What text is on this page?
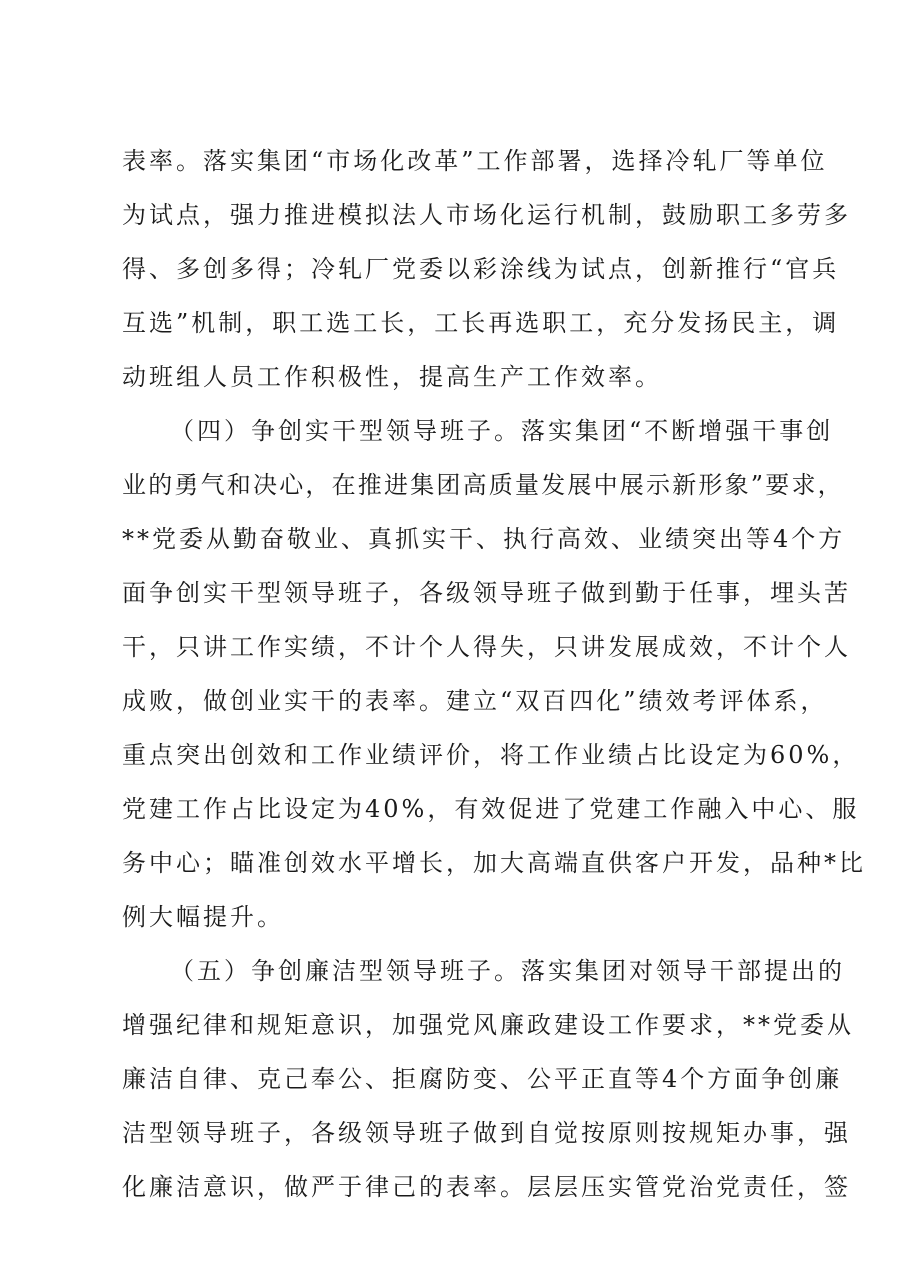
表率。落实集团“市场化改革”工作部署，选择冷轧厂等单位
为试点，强力推进模拟法人市场化运行机制，鼓励职工多劳多
得、多创多得；冷轧厂党委以彩涂线为试点，创新推行“官兵
互选”机制，职工选工长，工长再选职工，充分发扬民主，调
动班组人员工作积极性，提高生产工作效率。
（四）争创实干型领导班子。落实集团“不断增强干事创
业的勇气和决心，在推进集团高质量发展中展示新形象”要求，
**党委从勤奋敬业、真抓实干、执行高效、业绩突出等4个方
面争创实干型领导班子，各级领导班子做到勤于任事，埋头苦
干，只讲工作实绩，不计个人得失，只讲发展成效，不计个人
成败，做创业实干的表率。建立“双百四化”绩效考评体系，
重点突出创效和工作业绩评价，将工作业绩占比设定为60%，
党建工作占比设定为40%，有效促进了党建工作融入中心、服
务中心；瞄准创效水平增长，加大高端直供客户开发，品种*比
例大幅提升。
（五）争创廉洁型领导班子。落实集团对领导干部提出的
增强纪律和规矩意识，加强党风廉政建设工作要求，**党委从
廉洁自律、克己奉公、拒腐防变、公平正直等4个方面争创廉
洁型领导班子，各级领导班子做到自觉按原则按规矩办事，强
化廉洁意识，做严于律己的表率。层层压实管党治党责任，签
